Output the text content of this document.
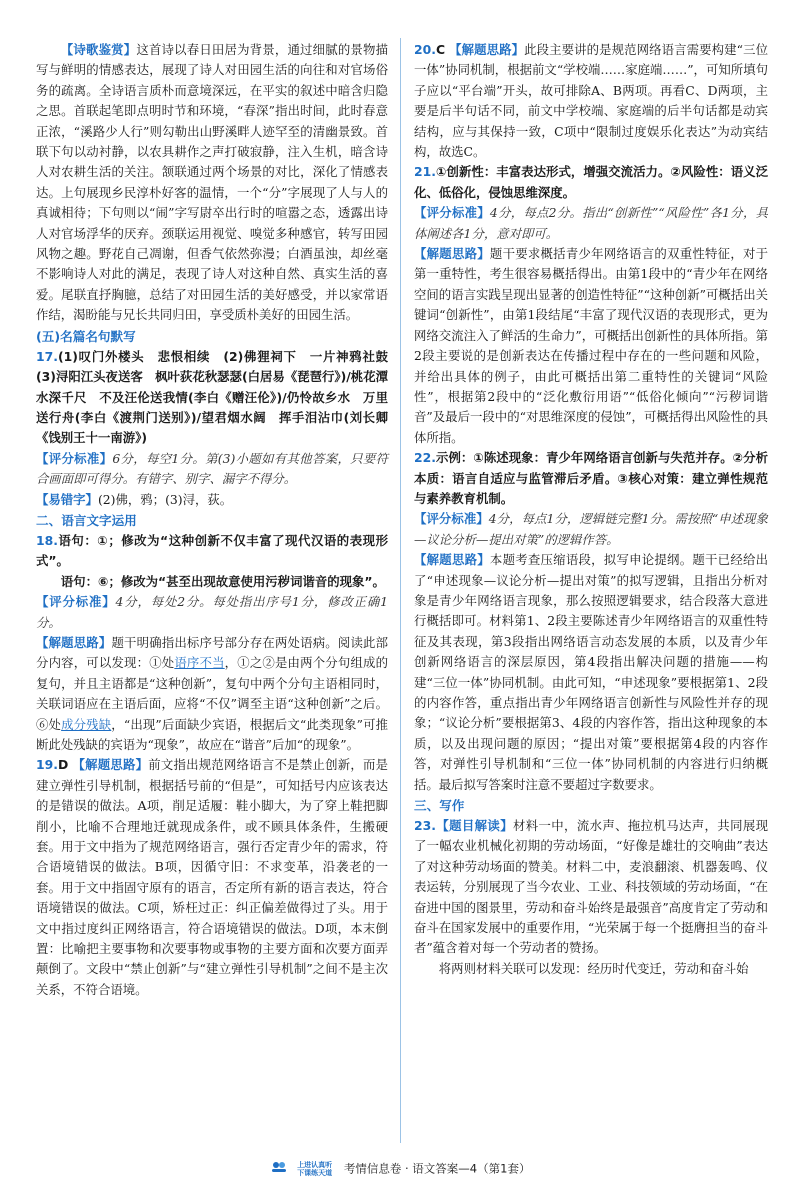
【诗歌鉴赏】这首诗以春日田居为背景，通过细腻的景物描写与鲜明的情感表达，展现了诗人对田园生活的向往和对官场俗务的疏离。全诗语言质朴而意境深远，在平实的叙述中暗含归隐之思。首联起笔即点明时节和环境，“春深”指出时间，此时春意正浓，“溪路少人行”则勾勒出山野溪畔人迹罕至的清幽景致。首联下句以动衬静，以农具耕作之声打破寂静，注入生机，暗含诗人对农耕生活的关注。颔联通过两个场景的对比，深化了情感表达。上句展现乡民淳朴好客的温情，一个“分”字展现了人与人的真诚相待；下句则以“闹”字写尉卒出行时的喧嚣之态，透露出诗人对官场浮华的厌弃。颈联运用视觉、嗅觉多种感官，转写田园风物之趣。野花自己凋谢，但香气依然弥漫；白酒虽浊，却丝毫不影响诗人对此的满足，表现了诗人对这种自然、真实生活的喜爱。尾联直抒胸臆，总结了对田园生活的美好感受，并以家常语作结，渴盼能与兄长共同归田，享受质朴美好的田园生活。

(五)名篇名句默写

17.(1)叹门外楼头　悲恨相续　(2)佛狸祠下　一片神鸦社鼓　(3)浔阳江头夜送客　枫叶荻花秋瑟瑟(白居易《琵琶行》)/桃花潭水深千尺　不及汪伦送我情(李白《赠汪伦》)/仍怜故乡水　万里送行舟(李白《渡荆门送别》)/望君烟水阔　挥手泪沾巾(刘长卿《饯别王十一南游》)

【评分标准】6分，每空1分。第(3)小题如有其他答案，只要符合画面即可得分。有错字、别字、漏字不得分。

【易错字】(2)佛，鸦；(3)浔，荻。

二、语言文字运用

18.语句：①；修改为“这种创新不仅丰富了现代汉语的表现形式”。

语句：⑥；修改为“甚至出现故意使用污秽词谐音的现象”。

【评分标准】4分，每处2分。每处指出序号1分，修改正确1分。

【解题思路】题干明确指出标序号部分存在两处语病。阅读此部分内容，可以发现：①处语序不当，①之②是由两个分句组成的复句，并且主语都是“这种创新”，复句中两个分句主语相同时，关联词语应在主语后面，应将“不仅”调至主语“这种创新”之后。⑥处成分残缺，“出现”后面缺少宾语，根据后文“此类现象”可推断此处残缺的宾语为“现象”，故应在“谐音”后加“的现象”。

19.D 【解题思路】前文指出规范网络语言不是禁止创新，而是建立弹性引导机制，根据括号前的“但是”，可知括号内应该表达的是错误的做法。A项，削足适履：鞋小脚大，为了穿上鞋把脚削小，比喻不合理地迁就现成条件，或不顾具体条件，生搬硬套。用于文中指为了规范网络语言，强行否定青少年的需求，符合语境错误的做法。B项，因循守旧：不求变革，沿袭老的一套。用于文中指固守原有的语言，否定所有新的语言表达，符合语境错误的做法。C项，矫枉过正：纠正偏差做得过了头。用于文中指过度纠正网络语言，符合语境错误的做法。D项，本末倒置：比喻把主要事物和次要事物或事物的主要方面和次要方面弄颠倒了。文段中“禁止创新”与“建立弹性引导机制”之间不是主次关系，不符合语境。

20.C 【解题思路】此段主要讲的是规范网络语言需要构建“三位一体”协同机制，根据前文“学校端……家庭端……”，可知所填句子应以“平台端”开头，故可排除A、B两项。再看C、D两项，主要是后半句话不同，前文中学校端、家庭端的后半句话都是动宾结构，应与其保持一致，C项中“限制过度娱乐化表达”为动宾结构，故选C。

21.①创新性：丰富表达形式，增强交流活力。②风险性：语义泛化、低俗化，侵蚀思维深度。

【评分标准】4分，每点2分。指出“创新性”“风险性”各1分，具体阐述各1分，意对即可。

【解题思路】题干要求概括青少年网络语言的双重性特征，对于第一重特性，考生很容易概括得出。由第1段中的“青少年在网络空间的语言实践呈现出显著的创造性特征”“这种创新”可概括出关键词“创新性”，由第1段结尾“丰富了现代汉语的表现形式，更为网络交流注入了鲜活的生命力”，可概括出创新性的具体所指。第2段主要说的是创新表达在传播过程中存在的一些问题和风险，并给出具体的例子，由此可概括出第二重特性的关键词“风险性”，根据第2段中的“泛化敷衍用语”“低俗化倾向”“污秽词谐音”及最后一段中的“对思维深度的侵蚀”，可概括得出风险性的具体所指。

22.示例：①陈述现象：青少年网络语言创新与失范并存。②分析本质：语言自适应与监管滞后矛盾。③核心对策：建立弹性规范与素养教育机制。

【评分标准】4分，每点1分，逻辑链完整1分。需按照“申述现象—议论分析—提出对策”的逻辑作答。

【解题思路】本题考查压缩语段，拟写申论提纲。题干已经给出了“申述现象—议论分析—提出对策”的拟写逻辑，且指出分析对象是青少年网络语言现象，那么按照逻辑要求，结合段落大意进行概括即可。材料第1、2段主要陈述青少年网络语言的双重性特征及其表现，第3段指出网络语言动态发展的本质，以及青少年创新网络语言的深层原因，第4段指出解决问题的措施——构建“三位一体”协同机制。由此可知，“申述现象”要根据第1、2段的内容作答，重点指出青少年网络语言创新性与风险性并存的现象；“议论分析”要根据第3、4段的内容作答，指出这种现象的本质，以及出现问题的原因；“提出对策”要根据第4段的内容作答，对弹性引导机制和“三位一体”协同机制的内容进行归纳概括。最后拟写答案时注意不要超过字数要求。

三、写作

23.【题目解读】材料一中，流水声、拖拉机马达声，共同展现了一幅农业机械化初期的劳动场面，“好像是雄壮的交响曲”表达了对这种劳动场面的赞美。材料二中，麦浪翻滚、机器轰鸣、仪表运转，分别展现了当今农业、工业、科技领域的劳动场面，“在奋进中国的图景里，劳动和奋斗始终是最强音”高度肯定了劳动和奋斗在国家发展中的重要作用，“光荣属于每一个挺膺担当的奋斗者”蕴含着对每一个劳动者的赞扬。

将两则材料关联可以发现：经历时代变迁，劳动和奋斗始

上进认真听
下课练天道 考情信息卷 · 语文答案—4（第1套）
